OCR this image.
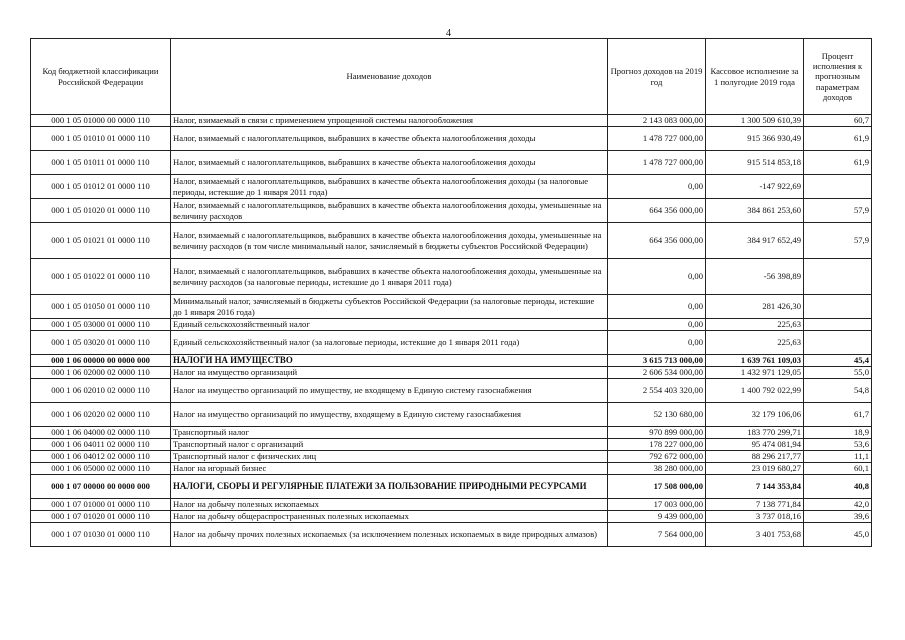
4
Код бюджетной классификации Российской Федерации	Наименование доходов	Прогноз доходов на 2019 год	Кассовое исполнение за 1 полугодие 2019 года	Процент исполнения к прогнозным параметрам доходов
000 1 05 01000 00 0000 110	Налог, взимаемый в связи с применением упрощенной системы налогообложения	2 143 083 000,00	1 300 509 610,39	60,7
000 1 05 01010 01 0000 110	Налог, взимаемый с налогоплательщиков, выбравших в качестве объекта налогообложения доходы	1 478 727 000,00	915 366 930,49	61,9
000 1 05 01011 01 0000 110	Налог, взимаемый с налогоплательщиков, выбравших в качестве объекта налогообложения доходы	1 478 727 000,00	915 514 853,18	61,9
000 1 05 01012 01 0000 110	Налог, взимаемый с налогоплательщиков, выбравших в качестве объекта налогообложения доходы (за налоговые периоды, истекшие до 1 января 2011 года)	0,00	-147 922,69	
000 1 05 01020 01 0000 110	Налог, взимаемый с налогоплательщиков, выбравших в качестве объекта налогообложения доходы, уменьшенные на величину расходов	664 356 000,00	384 861 253,60	57,9
000 1 05 01021 01 0000 110	Налог, взимаемый с налогоплательщиков, выбравших в качестве объекта налогообложения доходы, уменьшенные на величину расходов (в том числе минимальный налог, зачисляемый в бюджеты субъектов Российской Федерации)	664 356 000,00	384 917 652,49	57,9
000 1 05 01022 01 0000 110	Налог, взимаемый с налогоплательщиков, выбравших в качестве объекта налогообложения доходы, уменьшенные на величину расходов (за налоговые периоды, истекшие до 1 января 2011 года)	0,00	-56 398,89	
000 1 05 01050 01 0000 110	Минимальный налог, зачисляемый в бюджеты субъектов Российской Федерации (за налоговые периоды, истекшие до 1 января 2016 года)	0,00	281 426,30	
000 1 05 03000 01 0000 110	Единый сельскохозяйственный налог	0,00	225,63	
000 1 05 03020 01 0000 110	Единый сельскохозяйственный налог (за налоговые периоды, истекшие до 1 января 2011 года)	0,00	225,63	
000 1 06 00000 00 0000 000	НАЛОГИ НА ИМУЩЕСТВО	3 615 713 000,00	1 639 761 109,03	45,4
000 1 06 02000 02 0000 110	Налог на имущество организаций	2 606 534 000,00	1 432 971 129,05	55,0
000 1 06 02010 02 0000 110	Налог на имущество организаций по имуществу, не входящему в Единую систему газоснабжения	2 554 403 320,00	1 400 792 022,99	54,8
000 1 06 02020 02 0000 110	Налог на имущество организаций по имуществу, входящему в Единую систему газоснабжения	52 130 680,00	32 179 106,06	61,7
000 1 06 04000 02 0000 110	Транспортный налог	970 899 000,00	183 770 299,71	18,9
000 1 06 04011 02 0000 110	Транспортный налог с организаций	178 227 000,00	95 474 081,94	53,6
000 1 06 04012 02 0000 110	Транспортный налог с физических лиц	792 672 000,00	88 296 217,77	11,1
000 1 06 05000 02 0000 110	Налог на игорный бизнес	38 280 000,00	23 019 680,27	60,1
000 1 07 00000 00 0000 000	НАЛОГИ, СБОРЫ И РЕГУЛЯРНЫЕ ПЛАТЕЖИ ЗА ПОЛЬЗОВАНИЕ ПРИРОДНЫМИ РЕСУРСАМИ	17 508 000,00	7 144 353,84	40,8
000 1 07 01000 01 0000 110	Налог на добычу полезных ископаемых	17 003 000,00	7 138 771,84	42,0
000 1 07 01020 01 0000 110	Налог на добычу общераспространенных полезных ископаемых	9 439 000,00	3 737 018,16	39,6
000 1 07 01030 01 0000 110	Налог на добычу прочих полезных ископаемых (за исключением полезных ископаемых в виде природных алмазов)	7 564 000,00	3 401 753,68	45,0
